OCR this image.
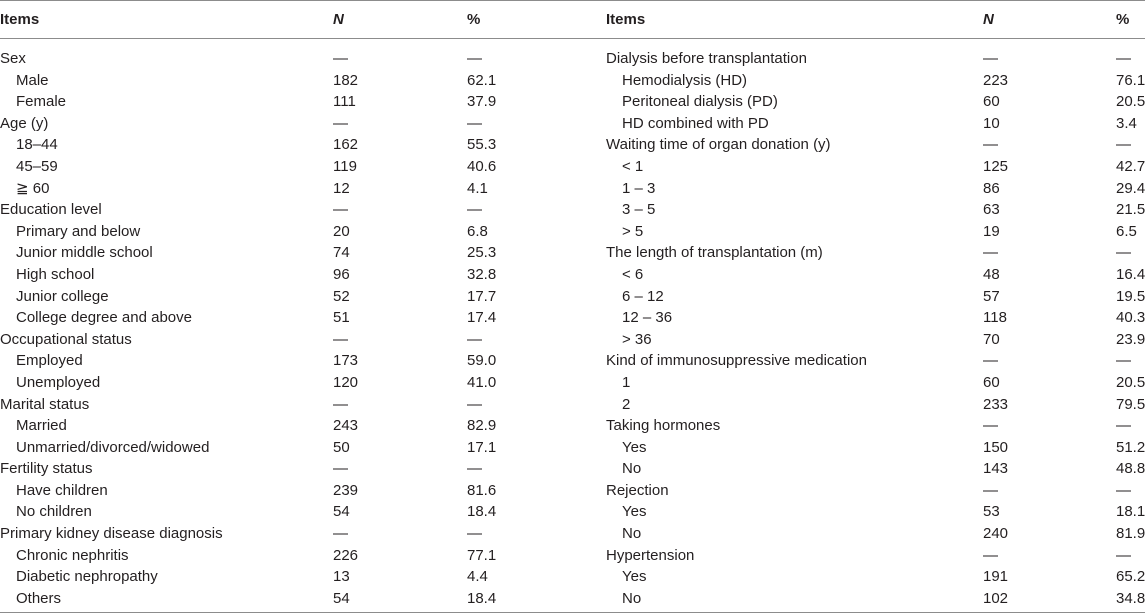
Items	N	%	Items	N	%
Sex	—	—	Dialysis before transplantation	—	—
Male	182	62.1	Hemodialysis (HD)	223	76.1
Female	111	37.9	Peritoneal dialysis (PD)	60	20.5
Age (y)	—	—	HD combined with PD	10	3.4
18–44	162	55.3	Waiting time of organ donation (y)	—	—
45–59	119	40.6	< 1	125	42.7
≧ 60	12	4.1	1 – 3	86	29.4
Education level	—	—	3 – 5	63	21.5
Primary and below	20	6.8	> 5	19	6.5
Junior middle school	74	25.3	The length of transplantation (m)	—	—
High school	96	32.8	< 6	48	16.4
Junior college	52	17.7	6 – 12	57	19.5
College degree and above	51	17.4	12 – 36	118	40.3
Occupational status	—	—	> 36	70	23.9
Employed	173	59.0	Kind of immunosuppressive medication	—	—
Unemployed	120	41.0	1	60	20.5
Marital status	—	—	2	233	79.5
Married	243	82.9	Taking hormones	—	—
Unmarried/divorced/widowed	50	17.1	Yes	150	51.2
Fertility status	—	—	No	143	48.8
Have children	239	81.6	Rejection	—	—
No children	54	18.4	Yes	53	18.1
Primary kidney disease diagnosis	—	—	No	240	81.9
Chronic nephritis	226	77.1	Hypertension	—	—
Diabetic nephropathy	13	4.4	Yes	191	65.2
Others	54	18.4	No	102	34.8
